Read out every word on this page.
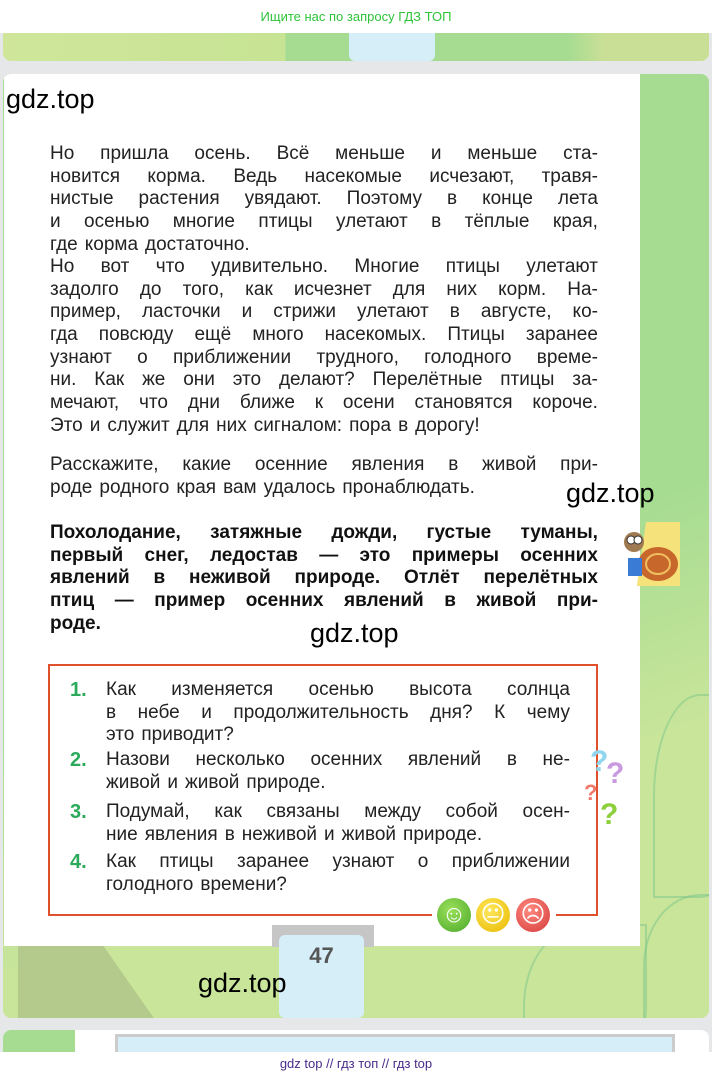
Ищите нас по запросу ГДЗ ТОП
gdz.top
Но пришла осень. Всё меньше и меньше ста-
новится корма. Ведь насекомые исчезают, травя-
нистые растения увядают. Поэтому в конце лета
и осенью многие птицы улетают в тёплые края,
где корма достаточно.
Но вот что удивительно. Многие птицы улетают
задолго до того, как исчезнет для них корм. На-
пример, ласточки и стрижи улетают в августе, ко-
гда повсюду ещё много насекомых. Птицы заранее
узнают о приближении трудного, голодного време-
ни. Как же они это делают? Перелётные птицы за-
мечают, что дни ближе к осени становятся короче.
Это и служит для них сигналом: пора в дорогу!
Расскажите, какие осенние явления в живой при-
роде родного края вам удалось пронаблюдать.
Похолодание, затяжные дожди, густые туманы,
первый снег, ледостав — это примеры осенних
явлений в неживой природе. Отлёт перелётных
птиц — пример осенних явлений в живой при-
роде.
gdz.top
gdz.top
1. Как изменяется осенью высота солнца
в небе и продолжительность дня? К чему
это приводит?
2. Назови несколько осенних явлений в не-
живой и живой природе.
3. Подумай, как связаны между собой осен-
ние явления в неживой и живой природе.
4. Как птицы заранее узнают о приближении
голодного времени?
?
?
?
?
☺ 😐︎ ☹
47
gdz.top
gdz top // гдз топ // гдз top
